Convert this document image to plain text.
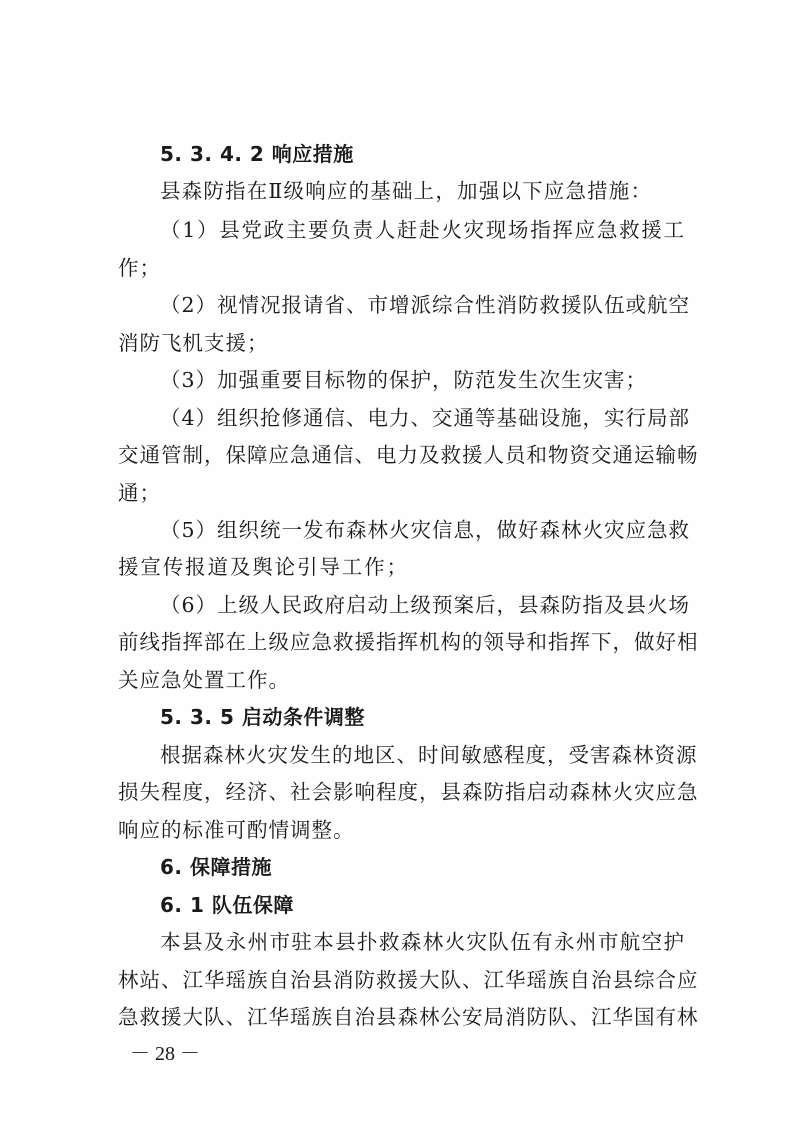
5. 3. 4. 2 响应措施
县森防指在Ⅱ级响应的基础上，加强以下应急措施：
（1）县党政主要负责人赶赴火灾现场指挥应急救援工
作；
（2）视情况报请省、市增派综合性消防救援队伍或航空
消防飞机支援；
（3）加强重要目标物的保护，防范发生次生灾害；
（4）组织抢修通信、电力、交通等基础设施，实行局部
交通管制，保障应急通信、电力及救援人员和物资交通运输畅
通；
（5）组织统一发布森林火灾信息，做好森林火灾应急救
援宣传报道及舆论引导工作；
（6）上级人民政府启动上级预案后，县森防指及县火场
前线指挥部在上级应急救援指挥机构的领导和指挥下，做好相
关应急处置工作。
5. 3. 5 启动条件调整
根据森林火灾发生的地区、时间敏感程度，受害森林资源
损失程度，经济、社会影响程度，县森防指启动森林火灾应急
响应的标准可酌情调整。
6. 保障措施
6. 1 队伍保障
本县及永州市驻本县扑救森林火灾队伍有永州市航空护
林站、江华瑶族自治县消防救援大队、江华瑶族自治县综合应
急救援大队、江华瑶族自治县森林公安局消防队、江华国有林
－ 28 －
